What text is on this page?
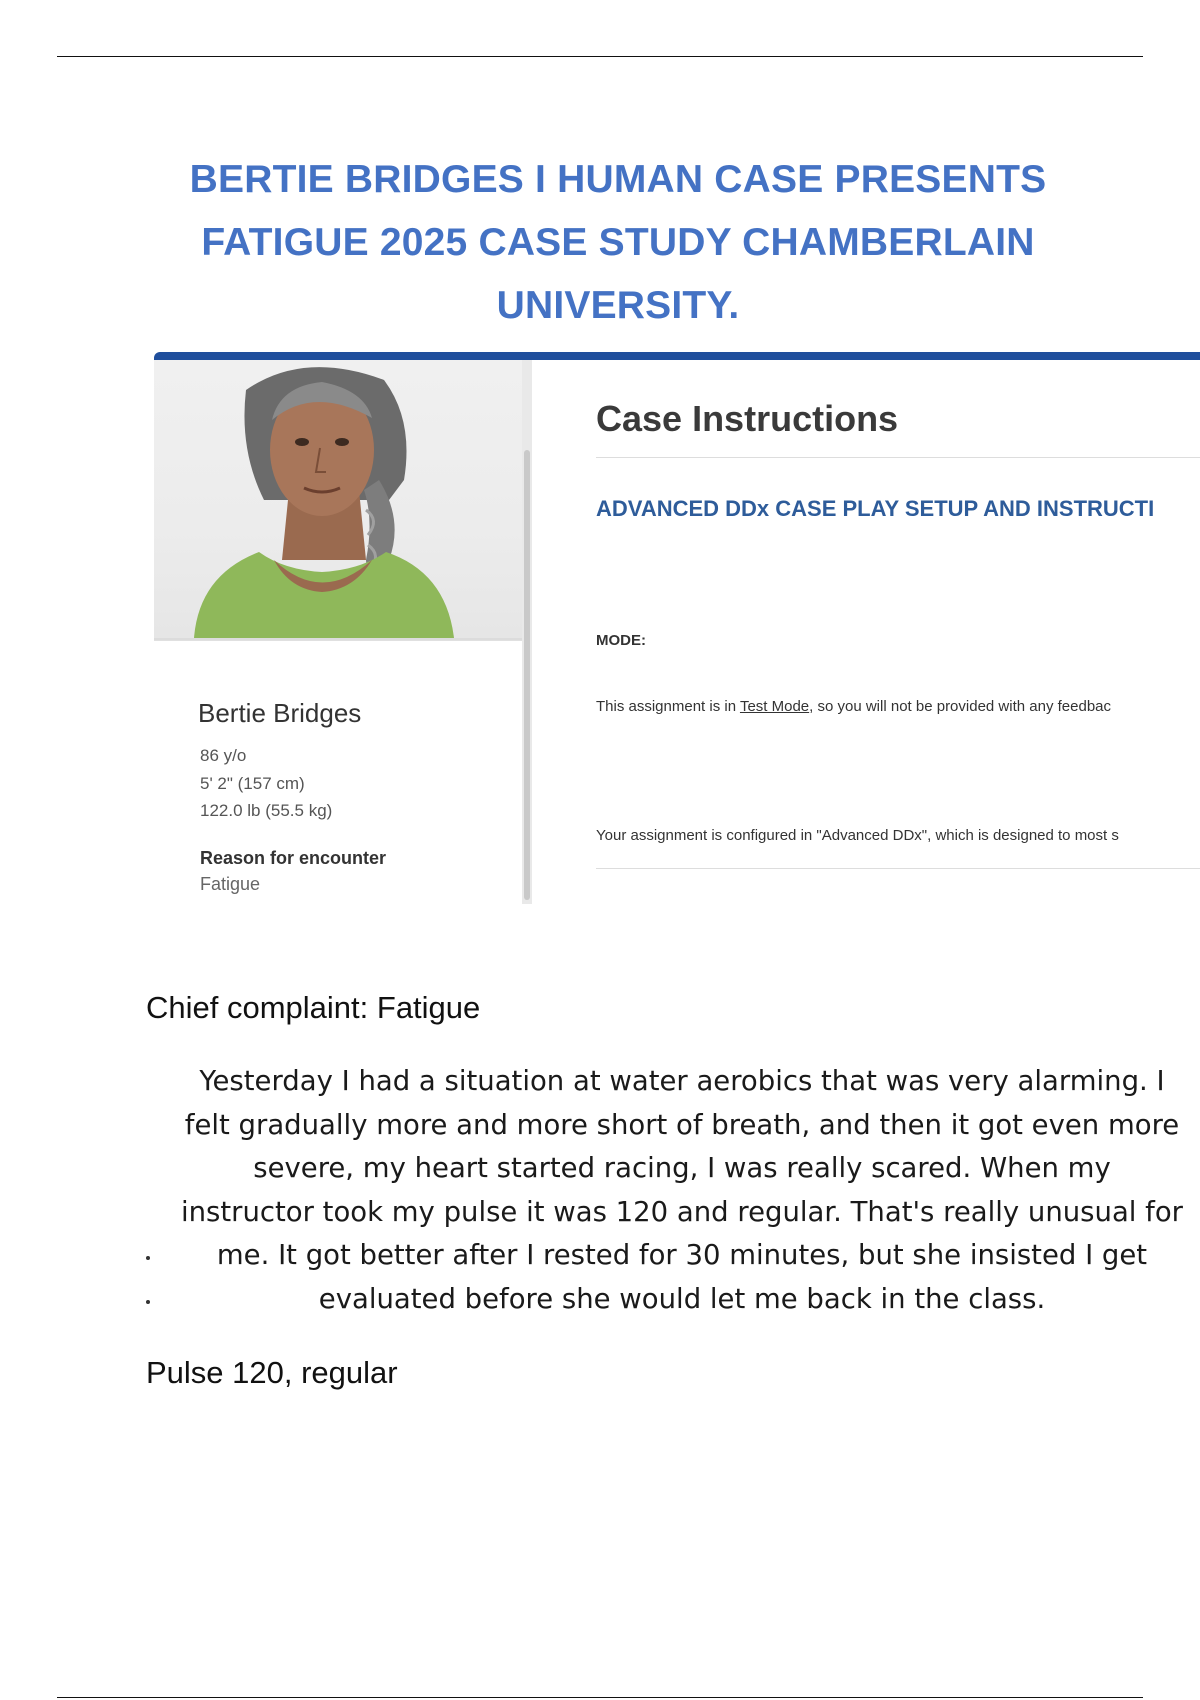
BERTIE BRIDGES I HUMAN CASE PRESENTS
FATIGUE 2025 CASE STUDY CHAMBERLAIN
UNIVERSITY.
Bertie Bridges
86 y/o
5' 2" (157 cm)
122.0 lb (55.5 kg)
Reason for encounter
Fatigue
Case Instructions
ADVANCED DDx CASE PLAY SETUP AND INSTRUCTI
MODE:
This assignment is in Test Mode, so you will not be provided with any feedbac
Your assignment is configured in "Advanced DDx", which is designed to most s
Chief complaint: Fatigue
Yesterday I had a situation at water aerobics that was very alarming. I
felt gradually more and more short of breath, and then it got even more
severe, my heart started racing, I was really scared. When my
instructor took my pulse it was 120 and regular. That's really unusual for
me. It got better after I rested for 30 minutes, but she insisted I get
evaluated before she would let me back in the class.
Pulse 120, regular
